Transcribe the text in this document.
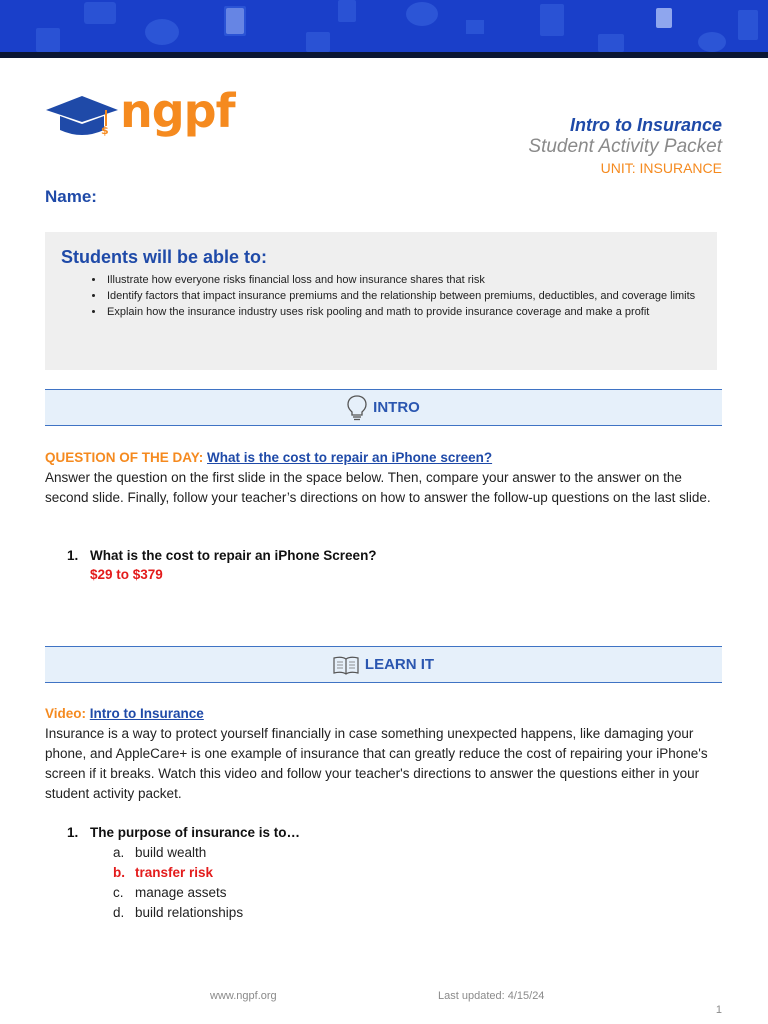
$ ngpf	Intro to Insurance
Student Activity Packet
UNIT: INSURANCE
Name:
Students will be able to:
• Illustrate how everyone risks financial loss and how insurance shares that risk
• Identify factors that impact insurance premiums and the relationship between premiums, deductibles, and coverage limits
• Explain how the insurance industry uses risk pooling and math to provide insurance coverage and make a profit
INTRO
QUESTION OF THE DAY: What is the cost to repair an iPhone screen?
Answer the question on the first slide in the space below. Then, compare your answer to the answer on the second slide. Finally, follow your teacher’s directions on how to answer the follow-up questions on the last slide.
1. What is the cost to repair an iPhone Screen?
$29 to $379
LEARN IT
Video: Intro to Insurance
Insurance is a way to protect yourself financially in case something unexpected happens, like damaging your phone, and AppleCare+ is one example of insurance that can greatly reduce the cost of repairing your iPhone's screen if it breaks. Watch this video and follow your teacher's directions to answer the questions either in your student activity packet.
1. The purpose of insurance is to…
a. build wealth
b. transfer risk
c. manage assets
d. build relationships
www.ngpf.org	Last updated: 4/15/24
1
